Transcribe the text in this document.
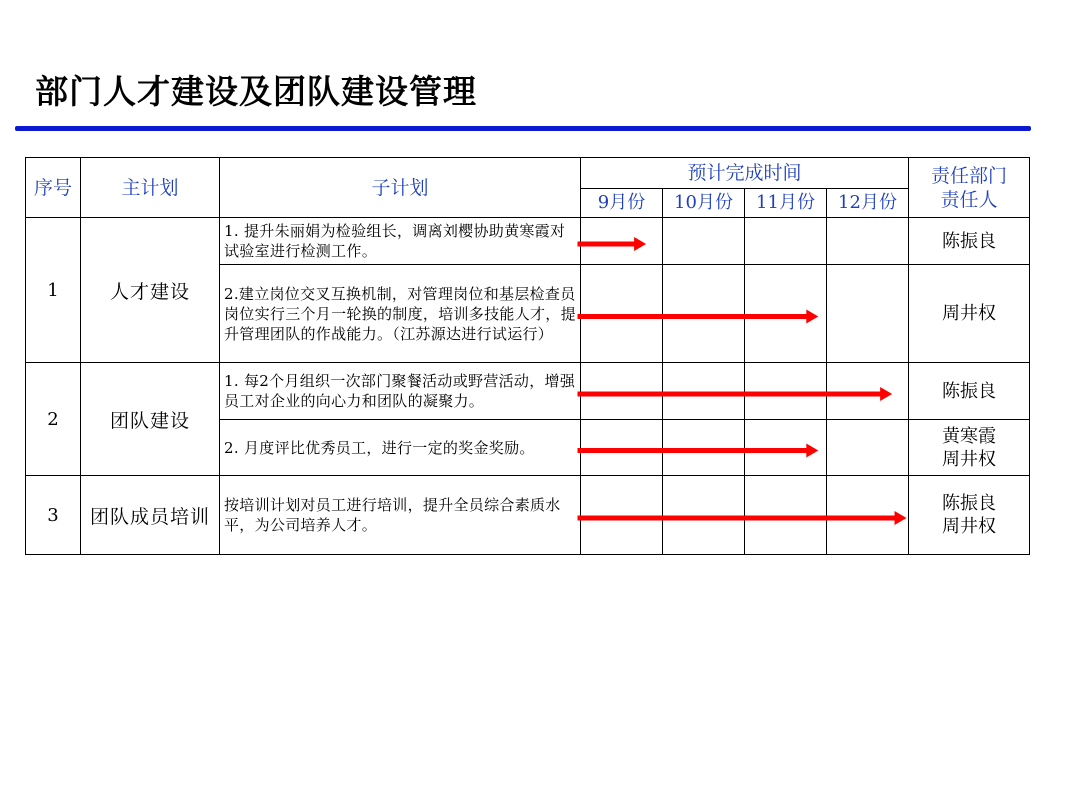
部门人才建设及团队建设管理
序号	主计划	子计划	预计完成时间				责任部门
责任人

			9月份	10月份	11月份	12月份	
1	人才建设	1. 提升朱丽娟为检验组长，调离刘樱协助黄寒霞对试验室进行检测工作。					陈振良

		2.建立岗位交叉互换机制，对管理岗位和基层检查员岗位实行三个月一轮换的制度，培训多技能人才，提升管理团队的作战能力。（江苏源达进行试运行）					周井权

2	团队建设	1. 每2个月组织一次部门聚餐活动或野营活动，增强员工对企业的向心力和团队的凝聚力。					陈振良

		2. 月度评比优秀员工，进行一定的奖金奖励。					黄寒霞
周井权

3	团队成员培训	按培训计划对员工进行培训，提升全员综合素质水平，为公司培养人才。					陈振良
周井权
